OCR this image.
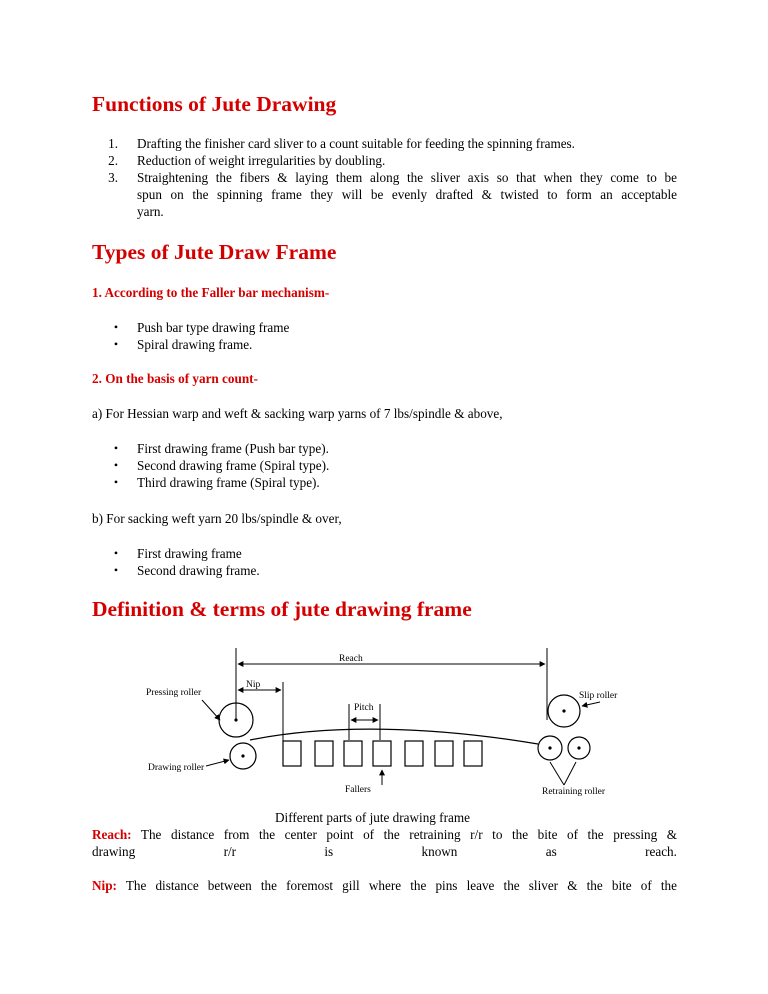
Functions of Jute Drawing
1. Drafting the finisher card sliver to a count suitable for feeding the spinning frames.
2. Reduction of weight irregularities by doubling.
3. Straightening the fibers & laying them along the sliver axis so that when they come to be
spun on the spinning frame they will be evenly drafted & twisted to form an acceptable
yarn.
Types of Jute Draw Frame
1. According to the Faller bar mechanism-
• Push bar type drawing frame
• Spiral drawing frame.
2. On the basis of yarn count-
a) For Hessian warp and weft & sacking warp yarns of 7 lbs/spindle & above,
• First drawing frame (Push bar type).
• Second drawing frame (Spiral type).
• Third drawing frame (Spiral type).
b) For sacking weft yarn 20 lbs/spindle & over,
• First drawing frame
• Second drawing frame.
Definition & terms of jute drawing frame
Reach
Nip
Pitch
Pressing roller
Drawing roller
Fallers
Slip roller
Retraining roller
Different parts of jute drawing frame
Reach: The distance from the center point of the retraining r/r to the bite of the pressing &
drawing	r/r	is	known	as	reach.
Nip: The distance between the foremost gill where the pins leave the sliver & the bite of the
